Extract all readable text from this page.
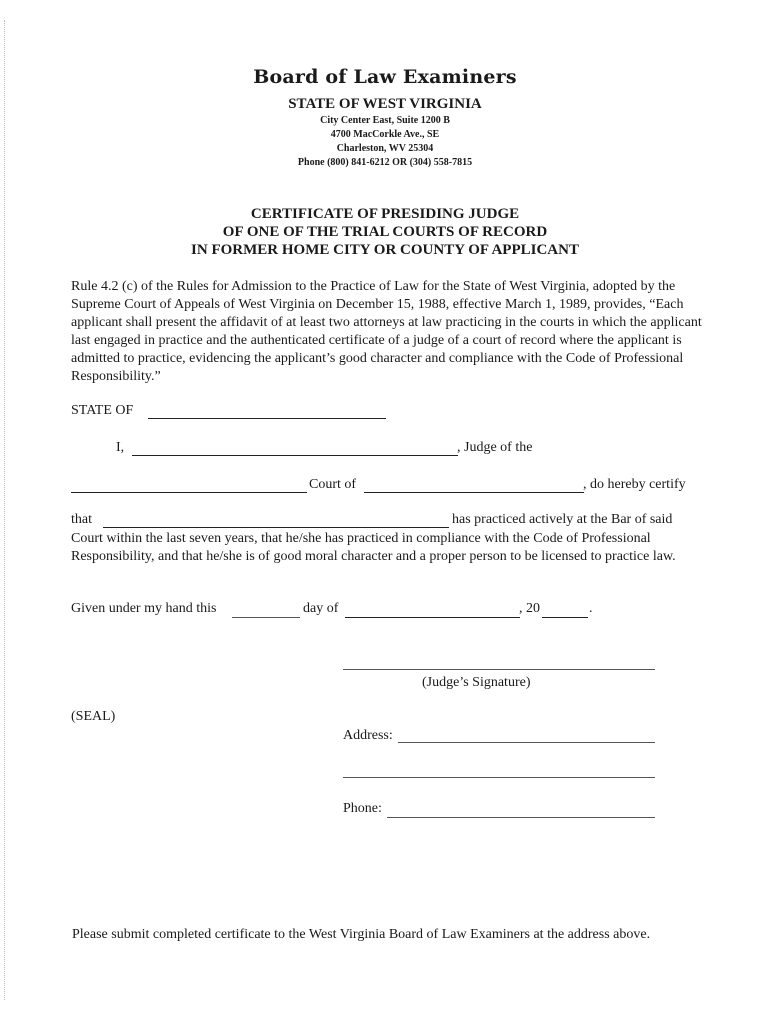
Board of Law Examiners
STATE OF WEST VIRGINIA
City Center East, Suite 1200 B
4700 MacCorkle Ave., SE
Charleston, WV 25304
Phone (800) 841-6212 OR (304) 558-7815
CERTIFICATE OF PRESIDING JUDGE
OF ONE OF THE TRIAL COURTS OF RECORD
IN FORMER HOME CITY OR COUNTY OF APPLICANT
Rule 4.2 (c) of the Rules for Admission to the Practice of Law for the State of West Virginia, adopted by the Supreme Court of Appeals of West Virginia on December 15, 1988, effective March 1, 1989, provides, “Each applicant shall present the affidavit of at least two attorneys at law practicing in the courts in which the applicant last engaged in practice and the authenticated certificate of a judge of a court of record where the applicant is admitted to practice, evidencing the applicant’s good character and compliance with the Code of Professional Responsibility.”
STATE OF
I,	, Judge of the
Court of	, do hereby certify
that	has practiced actively at the Bar of said
Court within the last seven years, that he/she has practiced in compliance with the Code of Professional Responsibility, and that he/she is of good moral character and a proper person to be licensed to practice law.
Given under my hand this	day of	, 20	.
(Judge’s Signature)
(SEAL)
Address:
Phone:
Please submit completed certificate to the West Virginia Board of Law Examiners at the address above.
